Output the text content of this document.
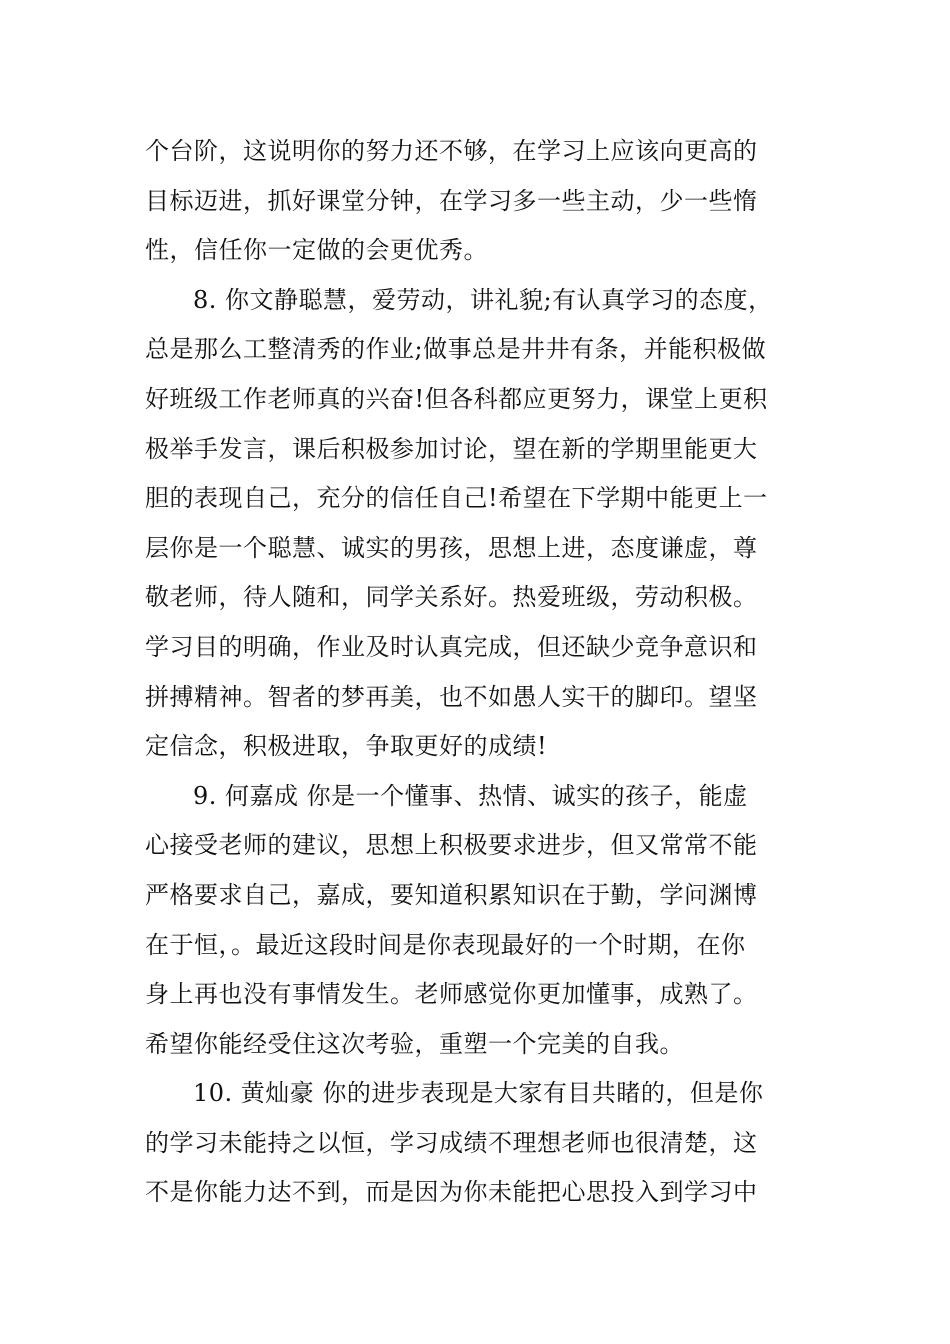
个台阶，这说明你的努力还不够，在学习上应该向更高的
目标迈进，抓好课堂分钟，在学习多一些主动，少一些惰
性，信任你一定做的会更优秀。
8. 你文静聪慧，爱劳动，讲礼貌;有认真学习的态度，
总是那么工整清秀的作业;做事总是井井有条，并能积极做
好班级工作老师真的兴奋!但各科都应更努力，课堂上更积
极举手发言，课后积极参加讨论，望在新的学期里能更大
胆的表现自己，充分的信任自己!希望在下学期中能更上一
层你是一个聪慧、诚实的男孩，思想上进，态度谦虚，尊
敬老师，待人随和，同学关系好。热爱班级，劳动积极。
学习目的明确，作业及时认真完成，但还缺少竞争意识和
拼搏精神。智者的梦再美，也不如愚人实干的脚印。望坚
定信念，积极进取，争取更好的成绩!
9. 何嘉成 你是一个懂事、热情、诚实的孩子，能虚
心接受老师的建议，思想上积极要求进步，但又常常不能
严格要求自己，嘉成，要知道积累知识在于勤，学问渊博
在于恒，。最近这段时间是你表现最好的一个时期，在你
身上再也没有事情发生。老师感觉你更加懂事，成熟了。
希望你能经受住这次考验，重塑一个完美的自我。
10. 黄灿豪 你的进步表现是大家有目共睹的，但是你
的学习未能持之以恒，学习成绩不理想老师也很清楚，这
不是你能力达不到，而是因为你未能把心思投入到学习中
